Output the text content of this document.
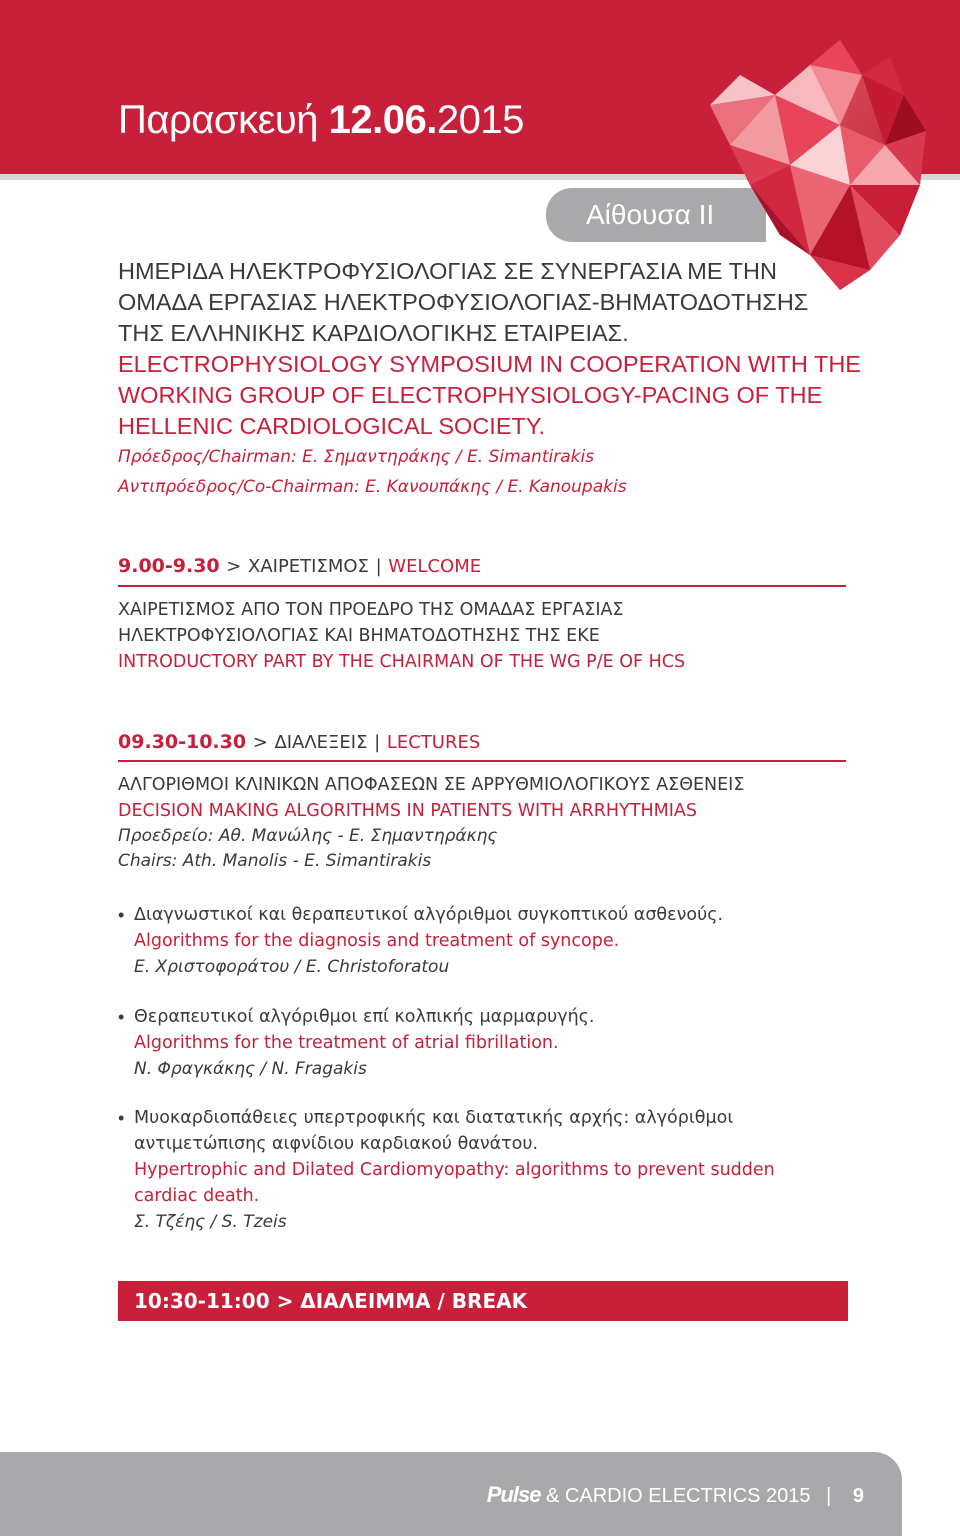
Παρασκευή 12.06.2015
Αίθουσα ΙΙ
ΗΜΕΡΙΔΑ ΗΛΕΚΤΡΟΦΥΣΙΟΛΟΓΙΑΣ ΣΕ ΣΥΝΕΡΓΑΣΙΑ ΜΕ ΤΗΝ
ΟΜΑΔΑ ΕΡΓΑΣΙΑΣ ΗΛΕΚΤΡΟΦΥΣΙΟΛΟΓΙΑΣ-ΒΗΜΑΤΟΔΟΤΗΣΗΣ
ΤΗΣ ΕΛΛΗΝΙΚΗΣ ΚΑΡΔΙΟΛΟΓΙΚΗΣ ΕΤΑΙΡΕΙΑΣ.
ELECTROPHYSIOLOGY SYMPOSIUM IN COOPERATION WITH THE
WORKING GROUP OF ELECTROPHYSIOLOGY-PACING OF THE
HELLENIC CARDIOLOGICAL SOCIETY.
Πρόεδρος/Chairman: Ε. Σημαντηράκης / E. Simantirakis
Αντιπρόεδρος/Co-Chairman: Ε. Κανουπάκης / E. Kanoupakis
9.00-9.30 > ΧΑΙΡΕΤΙΣΜΟΣ | WELCOME
ΧΑΙΡΕΤΙΣΜΟΣ ΑΠΟ ΤΟΝ ΠΡΟΕΔΡΟ ΤΗΣ ΟΜΑΔΑΣ ΕΡΓΑΣΙΑΣ
ΗΛΕΚΤΡΟΦΥΣΙΟΛΟΓΙΑΣ ΚΑΙ ΒΗΜΑΤΟΔΟΤΗΣΗΣ ΤΗΣ ΕΚΕ
INTRODUCTORY PART BY THE CHAIRMAN OF THE WG P/E OF HCS
09.30-10.30 > ΔΙΑΛΕΞΕΙΣ | LECTURES
ΑΛΓΟΡΙΘΜΟΙ ΚΛΙΝΙΚΩΝ ΑΠΟΦΑΣΕΩΝ ΣΕ ΑΡΡΥΘΜΙΟΛΟΓΙΚΟΥΣ ΑΣΘΕΝΕΙΣ
DECISION MAKING ALGORITHMS IN PATIENTS WITH ARRHYTHMIAS
Προεδρείο: Αθ. Μανώλης - Ε. Σημαντηράκης
Chairs: Ath. Manolis - E. Simantirakis
• Διαγνωστικοί και θεραπευτικοί αλγόριθμοι συγκοπτικού ασθενούς.
Algorithms for the diagnosis and treatment of syncope.
Ε. Χριστοφοράτου / E. Christoforatou
• Θεραπευτικοί αλγόριθμοι επί κολπικής μαρμαρυγής.
Algorithms for the treatment of atrial fibrillation.
Ν. Φραγκάκης / N. Fragakis
• Μυοκαρδιοπάθειες υπερτροφικής και διατατικής αρχής: αλγόριθμοι
αντιμετώπισης αιφνίδιου καρδιακού θανάτου.
Hypertrophic and Dilated Cardiomyopathy: algorithms to prevent sudden
cardiac death.
Σ. Τζέης / S. Tzeis
10:30-11:00 > ΔΙΑΛΕΙΜΜΑ / BREAK
Pulse & CARDIO ELECTRICS 2015 | 9
